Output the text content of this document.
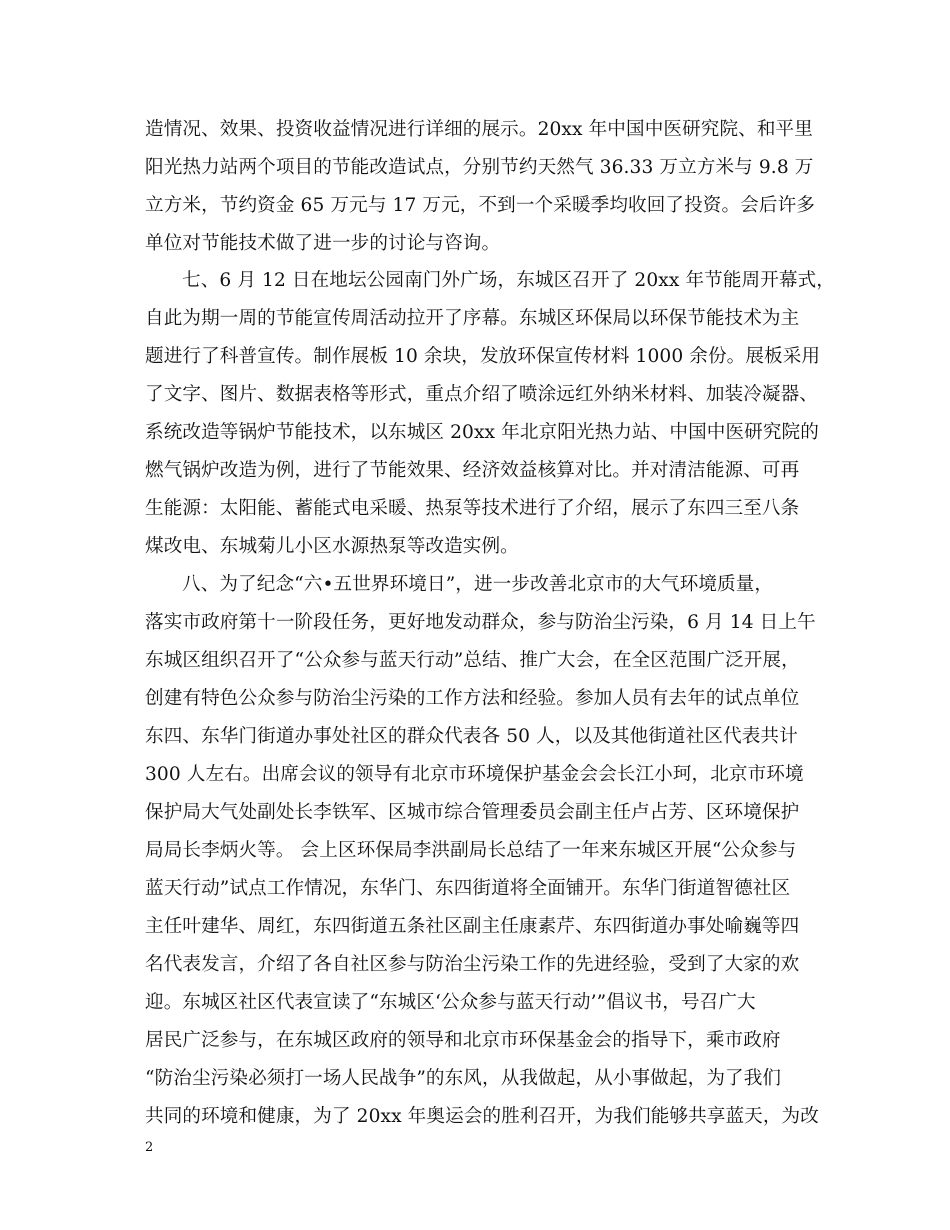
造情况、效果、投资收益情况进行详细的展示。20xx 年中国中医研究院、和平里
阳光热力站两个项目的节能改造试点，分别节约天然气 36.33 万立方米与 9.8 万
立方米，节约资金 65 万元与 17 万元，不到一个采暖季均收回了投资。会后许多
单位对节能技术做了进一步的讨论与咨询。
七、6 月 12 日在地坛公园南门外广场，东城区召开了 20xx 年节能周开幕式，
自此为期一周的节能宣传周活动拉开了序幕。东城区环保局以环保节能技术为主
题进行了科普宣传。制作展板 10 余块，发放环保宣传材料 1000 余份。展板采用
了文字、图片、数据表格等形式，重点介绍了喷涂远红外纳米材料、加装冷凝器、
系统改造等锅炉节能技术，以东城区 20xx 年北京阳光热力站、中国中医研究院的
燃气锅炉改造为例，进行了节能效果、经济效益核算对比。并对清洁能源、可再
生能源：太阳能、蓄能式电采暖、热泵等技术进行了介绍，展示了东四三至八条
煤改电、东城菊儿小区水源热泵等改造实例。
八、为了纪念“六•五世界环境日”，进一步改善北京市的大气环境质量，
落实市政府第十一阶段任务，更好地发动群众，参与防治尘污染，6 月 14 日上午
东城区组织召开了“公众参与蓝天行动”总结、推广大会，在全区范围广泛开展，
创建有特色公众参与防治尘污染的工作方法和经验。参加人员有去年的试点单位
东四、东华门街道办事处社区的群众代表各 50 人，以及其他街道社区代表共计
300 人左右。出席会议的领导有北京市环境保护基金会会长江小珂，北京市环境
保护局大气处副处长李铁军、区城市综合管理委员会副主任卢占芳、区环境保护
局局长李炳火等。 会上区环保局李洪副局长总结了一年来东城区开展“公众参与
蓝天行动”试点工作情况，东华门、东四街道将全面铺开。东华门街道智德社区
主任叶建华、周红，东四街道五条社区副主任康素芹、东四街道办事处喻巍等四
名代表发言，介绍了各自社区参与防治尘污染工作的先进经验，受到了大家的欢
迎。东城区社区代表宣读了“东城区‘公众参与蓝天行动’”倡议书，号召广大
居民广泛参与，在东城区政府的领导和北京市环保基金会的指导下，乘市政府
“防治尘污染必须打一场人民战争”的东风，从我做起，从小事做起，为了我们
共同的环境和健康，为了 20xx 年奥运会的胜利召开，为我们能够共享蓝天，为改
2
